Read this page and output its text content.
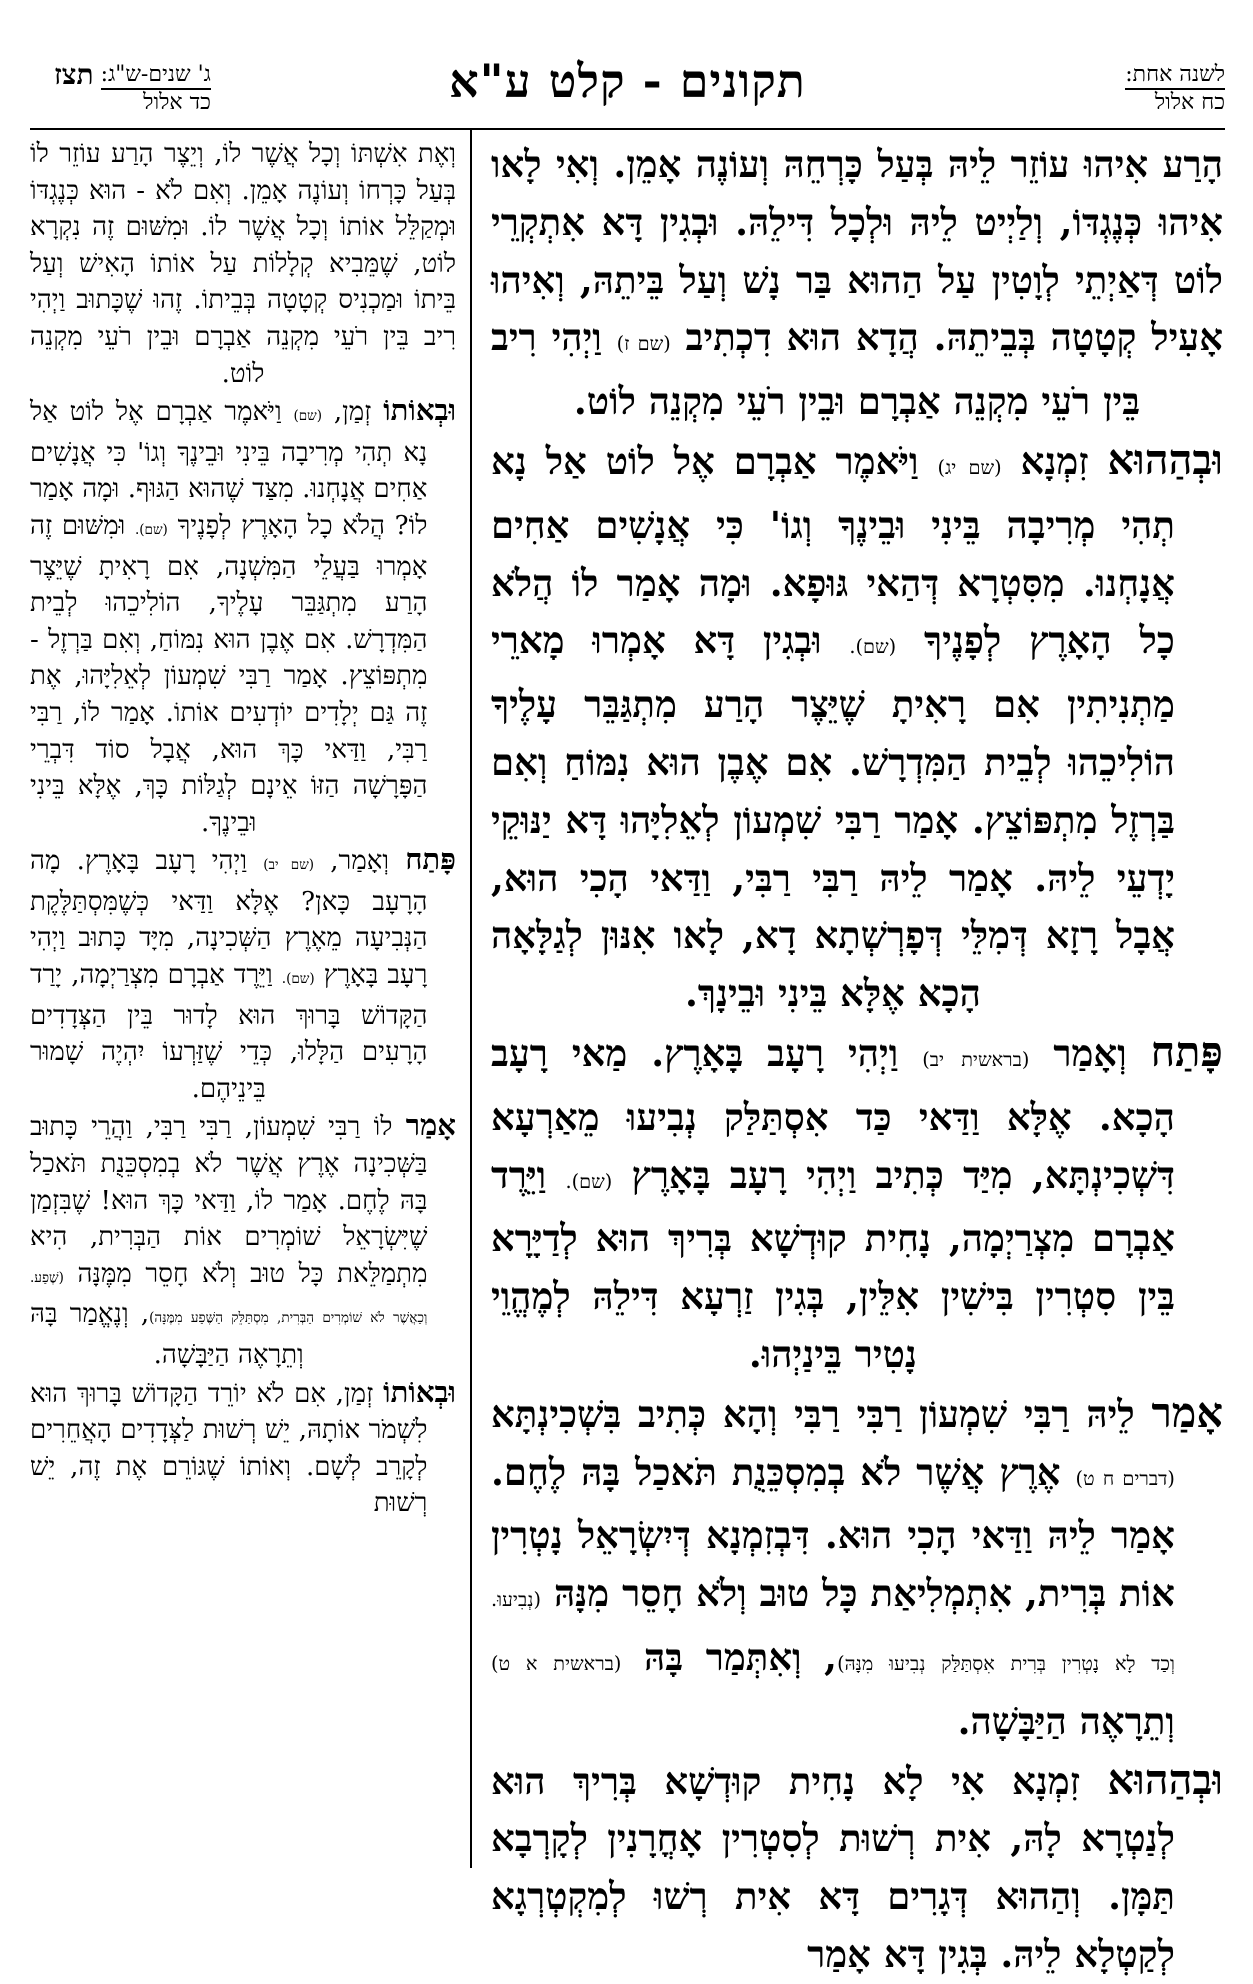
לשנה אחת:
כח אלול
תקונים - קלט ע"א
ג' שנים-ש"ג:
כד אלול
תצז

הָרַע אִיהוּ עוֹזֵר לֵיהּ בְּעַל כָּרְחֵהּ וְעוֹנֶה אָמֵן. וְאִי לָאו אִיהוּ כְּנֶגְדּוֹ, וְלַיְיט לֵיהּ וּלְכָל דִּילֵהּ. וּבְגִין דָּא אִתְקְרֵי לוֹט דְּאַיְתֵי לְוָטִין עַל הַהוּא בַּר נָשׁ וְעַל בֵּיתֵהּ, וְאִיהוּ אָעִיל קְטָטָה בְּבֵיתֵהּ. הֲדָא הוּא דִכְתִיב (שם ז) וַיְהִי רִיב בֵּין רֹעֵי מִקְנֵה אַבְרָם וּבֵין רֹעֵי מִקְנֵה לוֹט.

וּבְהַהוּא זִמְנָא (שם יג) וַיֹּאמֶר אַבְרָם אֶל לוֹט אַל נָא תְהִי מְרִיבָה בֵּינִי וּבֵינֶךָ וְגוֹ' כִּי אֲנָשִׁים אַחִים אֲנָחְנוּ. מִסִּטְרָא דְּהַאי גּוּפָא. וּמָה אָמַר לוֹ הֲלֹא כָל הָאָרֶץ לְפָנֶיךָ (שם). וּבְגִין דָּא אָמְרוּ מָארֵי מַתְנִיתִין אִם רָאִיתָ שֶׁיֵּצֶר הָרַע מִתְגַּבֵּר עָלֶיךָ הוֹלִיכֵהוּ לְבֵית הַמִּדְרָשׁ. אִם אֶבֶן הוּא נִמּוֹחַ וְאִם בַּרְזֶל מִתְפּוֹצֵץ. אָמַר רַבִּי שִׁמְעוֹן לְאֵלִיָּהוּ דָּא יַנּוּקֵי יָדְעֵי לֵיהּ. אָמַר לֵיהּ רַבִּי רַבִּי, וַדַּאי הָכִי הוּא, אֲבָל רָזָא דְּמִלֵּי דְּפָרְשְׁתָא דָא, לָאו אִנּוּן לְגַלָּאָה הָכָא אֶלָּא בֵּינִי וּבֵינָךְ.

פָּתַח וְאָמַר (בראשית יב) וַיְהִי רָעָב בָּאָרֶץ. מַאי רָעָב הָכָא. אֶלָּא וַדַּאי כַּד אִסְתַּלַּק נְבִיעוּ מֵאַרְעָא דִּשְׁכִינְתָּא, מִיַּד כְּתִיב וַיְהִי רָעָב בָּאָרֶץ (שם). וַיֵּרֶד אַבְרָם מִצְרַיְמָה, נָחִית קוּדְשָׁא בְּרִיךְ הוּא לְדַיָּרָא בֵּין סִטְרִין בִּישִׁין אִלֵּין, בְּגִין זַרְעָא דִּילֵהּ לְמֶהֱוֵי נָטִיר בֵּינַיְהוּ.

אָמַר לֵיהּ רַבִּי שִׁמְעוֹן רַבִּי רַבִּי וְהָא כְּתִיב בִּשְׁכִינְתָּא (דברים ח ט) אֶרֶץ אֲשֶׁר לֹא בְמִסְכֵּנֻת תֹּאכַל בָּהּ לֶחֶם. אָמַר לֵיהּ וַדַּאי הָכִי הוּא. דִּבְזִמְנָא דְּיִשְׂרָאֵל נָטְרִין אוֹת בְּרִית, אִתְמְלִיאַת כָּל טוּב וְלֹא חָסֵר מִנָּהּ (נְבִיעוּ. וְכַד לָא נָטְרִין בְּרִית אִסְתַּלַּק נְבִיעוּ מִנָּהּ), וְאִתְּמַר בָּהּ (בראשית א ט) וְתֵרָאֶה הַיַּבָּשָׁה.

וּבְהַהוּא זִמְנָא אִי לָא נָחִית קוּדְשָׁא בְּרִיךְ הוּא לְנַטְרָא לָהּ, אִית רְשׁוּת לְסִטְרִין אָחֳרָנִין לְקָרְבָא תַּמָּן. וְהַהוּא דְּגָרִים דָּא אִית רְשׁוּ לְמִקְטְרְגָא לְקַטְלָא לֵיהּ. בְּגִין דָּא אָמַר

וְאֶת אִשְׁתּוֹ וְכָל אֲשֶׁר לוֹ, וְיֵצֶר הָרַע עוֹזֵר לוֹ בְּעַל כָּרְחוֹ וְעוֹנֶה אָמֵן. וְאִם לֹא - הוּא כְּנֶגְדּוֹ וּמְקַלֵּל אוֹתוֹ וְכָל אֲשֶׁר לוֹ. וּמִשּׁוּם זֶה נִקְרָא לוֹט, שֶׁמֵּבִיא קְלָלוֹת עַל אוֹתוֹ הָאִישׁ וְעַל בֵּיתוֹ וּמַכְנִיס קְטָטָה בְּבֵיתוֹ. זֶהוּ שֶׁכָּתוּב וַיְהִי רִיב בֵּין רֹעֵי מִקְנֵה אַבְרָם וּבֵין רֹעֵי מִקְנֵה לוֹט.

וּבְאוֹתוֹ זְמַן, (שם) וַיֹּאמֶר אַבְרָם אֶל לוֹט אַל נָא תְהִי מְרִיבָה בֵּינִי וּבֵינֶךָ וְגוֹ' כִּי אֲנָשִׁים אַחִים אֲנָחְנוּ. מִצַּד שֶׁהוּא הַגּוּף. וּמָה אָמַר לוֹ? הֲלֹא כָל הָאָרֶץ לְפָנֶיךָ (שם). וּמִשּׁוּם זֶה אָמְרוּ בַּעֲלֵי הַמִּשְׁנָה, אִם רָאִיתָ שֶׁיֵּצֶר הָרַע מִתְגַּבֵּר עָלֶיךָ, הוֹלִיכֵהוּ לְבֵית הַמִּדְרָשׁ. אִם אֶבֶן הוּא נִמּוֹחַ, וְאִם בַּרְזֶל - מִתְפּוֹצֵץ. אָמַר רַבִּי שִׁמְעוֹן לְאֵלִיָּהוּ, אֶת זֶה גַּם יְלָדִים יוֹדְעִים אוֹתוֹ. אָמַר לוֹ, רַבִּי רַבִּי, וַדַּאי כָּךְ הוּא, אֲבָל סוֹד דִּבְרֵי הַפָּרָשָׁה הַזּוֹ אֵינָם לְגַלּוֹת כָּךְ, אֶלָּא בֵּינִי וּבֵינֶךָ.

פָּתַח וְאָמַר, (שם יב) וַיְהִי רָעָב בָּאָרֶץ. מָה הָרָעָב כָּאן? אֶלָּא וַדַּאי כְּשֶׁמִּסְתַּלֶּקֶת הַנְּבִיעָה מֵאֶרֶץ הַשְּׁכִינָה, מִיָּד כָּתוּב וַיְהִי רָעָב בָּאָרֶץ (שם). וַיֵּרֶד אַבְרָם מִצְרַיְמָה, יָרַד הַקָּדוֹשׁ בָּרוּךְ הוּא לָדוּר בֵּין הַצְּדָדִים הָרָעִים הַלָּלוּ, כְּדֵי שֶׁזַּרְעוֹ יִהְיֶה שָׁמוּר בֵּינֵיהֶם.

אָמַר לוֹ רַבִּי שִׁמְעוֹן, רַבִּי רַבִּי, וַהֲרֵי כָּתוּב בַּשְּׁכִינָה אֶרֶץ אֲשֶׁר לֹא בְמִסְכֵּנֻת תֹּאכַל בָּהּ לֶחֶם. אָמַר לוֹ, וַדַּאי כָּךְ הוּא! שֶׁבִּזְמַן שֶׁיִּשְׂרָאֵל שׁוֹמְרִים אוֹת הַבְּרִית, הִיא מִתְמַלֵּאת כָּל טוּב וְלֹא חָסֵר מִמֶּנָּה (שֶׁפַע. וְכַאֲשֶׁר לֹא שׁוֹמְרִים הַבְּרִית, מִסְתַּלֵּק הַשֶּׁפַע מִמֶּנָּה), וְנֶאֱמַר בָּהּ וְתֵרָאֶה הַיַּבָּשָׁה.

וּבְאוֹתוֹ זְמַן, אִם לֹא יוֹרֵד הַקָּדוֹשׁ בָּרוּךְ הוּא לִשְׁמֹר אוֹתָהּ, יֵשׁ רְשׁוּת לַצְּדָדִים הָאֲחֵרִים לְקָרֵב לְשָׁם. וְאוֹתוֹ שֶׁגּוֹרֵם אֶת זֶה, יֵשׁ רְשׁוּת
